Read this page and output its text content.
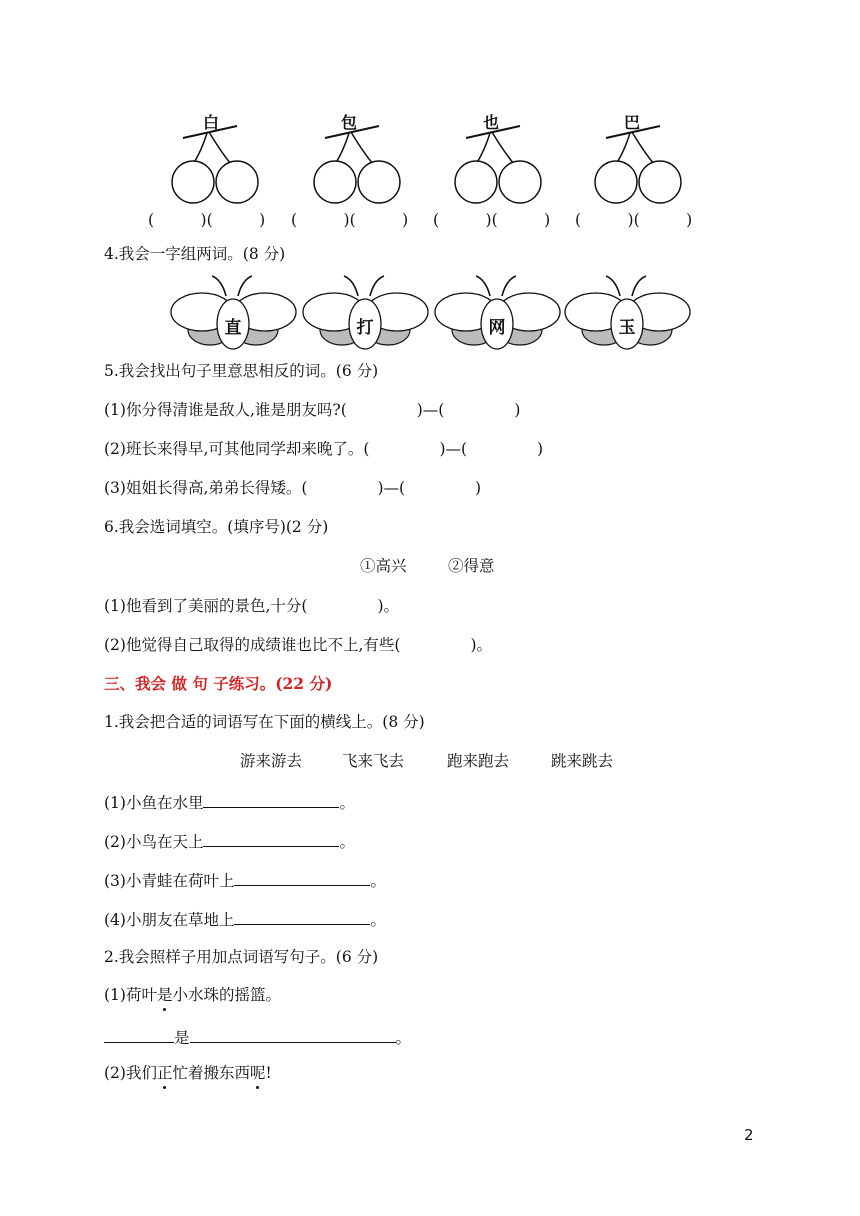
白	包	也	巴
(　　　)(　　　) (　　　)(　　　) (　　　)(　　　) (　　　)(　　　)
4.我会一字组两词。(8 分)
直	打	网	玉
5.我会找出句子里意思相反的词。(6 分)
(1)你分得清谁是敌人,谁是朋友吗?(	)—(	)
(2)班长来得早,可其他同学却来晚了。(	)—(	)
(3)姐姐长得高,弟弟长得矮。(	)—(	)
6.我会选词填空。(填序号)(2 分)
①高兴	②得意
(1)他看到了美丽的景色,十分(	)。
(2)他觉得自己取得的成绩谁也比不上,有些(	)。
三、我会 做 句 子练习。(22 分)
1.我会把合适的词语写在下面的横线上。(8 分)
游来游去	飞来飞去	跑来跑去	跳来跳去
(1)小鱼在水里	。
(2)小鸟在天上	。
(3)小青蛙在荷叶上	。
(4)小朋友在草地上	。
2.我会照样子用加点词语写句子。(6 分)
(1)荷叶是小水珠的摇篮。
是	。
(2)我们正忙着搬东西呢!
2
